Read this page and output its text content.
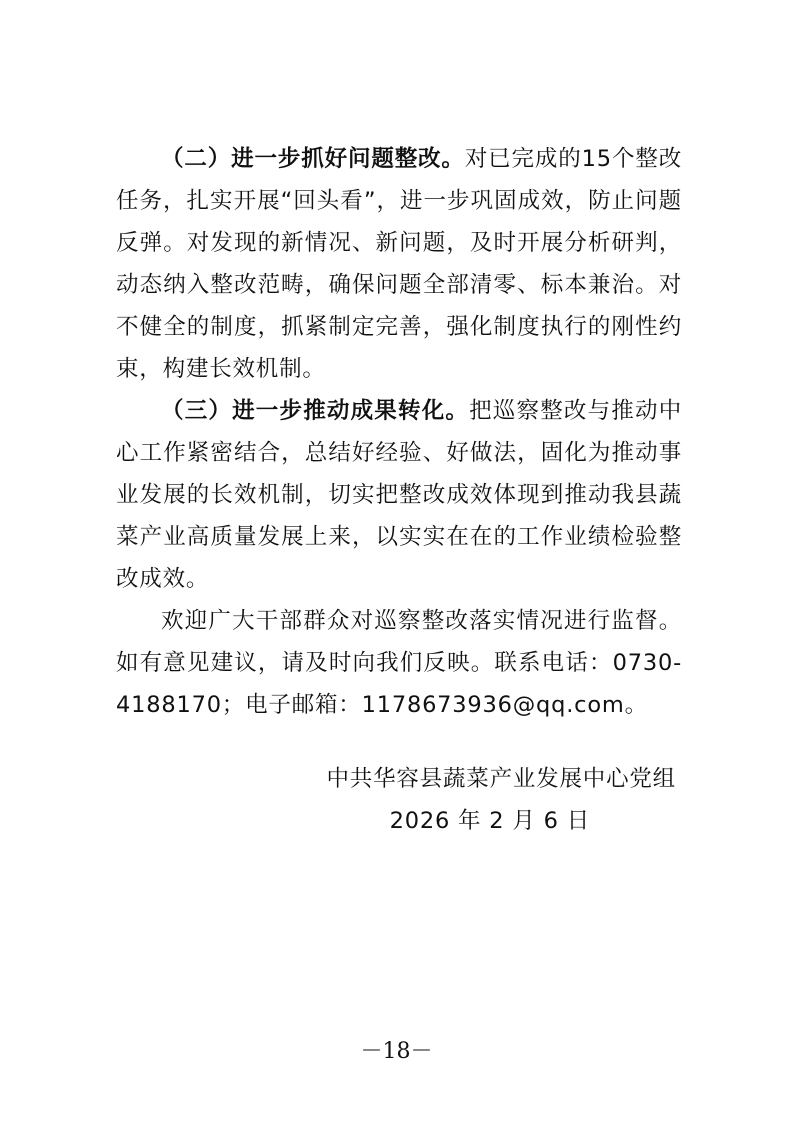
（二）进一步抓好问题整改。对已完成的15个整改任务，扎实开展“回头看”，进一步巩固成效，防止问题反弹。对发现的新情况、新问题，及时开展分析研判，动态纳入整改范畴，确保问题全部清零、标本兼治。对不健全的制度，抓紧制定完善，强化制度执行的刚性约束，构建长效机制。

（三）进一步推动成果转化。把巡察整改与推动中心工作紧密结合，总结好经验、好做法，固化为推动事业发展的长效机制，切实把整改成效体现到推动我县蔬菜产业高质量发展上来，以实实在在的工作业绩检验整改成效。

欢迎广大干部群众对巡察整改落实情况进行监督。如有意见建议，请及时向我们反映。联系电话：0730-4188170；电子邮箱：1178673936@qq.com。

中共华容县蔬菜产业发展中心党组
2026 年 2 月 6 日
－18－
